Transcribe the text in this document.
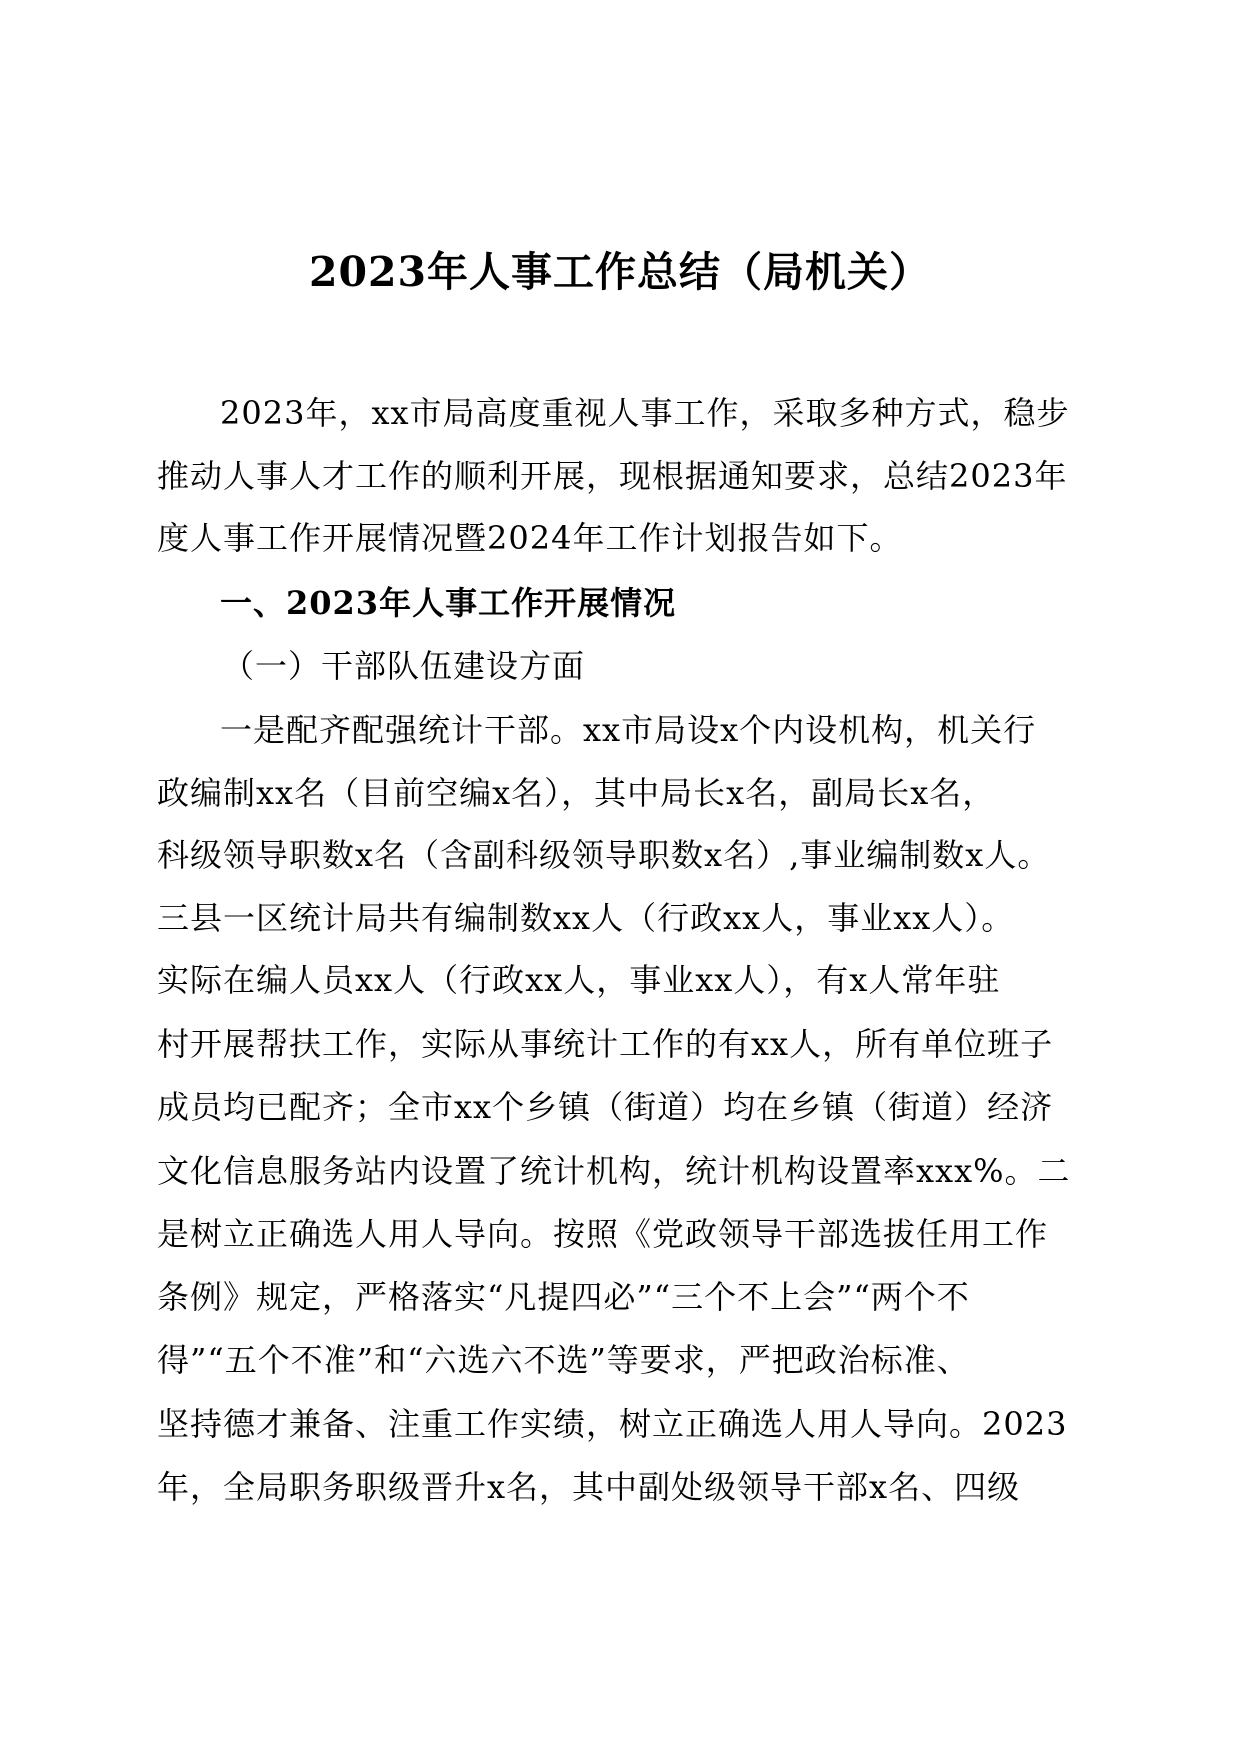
2023年人事工作总结（局机关）
2023年，xx市局高度重视人事工作，采取多种方式，稳步
推动人事人才工作的顺利开展，现根据通知要求，总结2023年
度人事工作开展情况暨2024年工作计划报告如下。
一、2023年人事工作开展情况
（一）干部队伍建设方面
一是配齐配强统计干部。xx市局设x个内设机构，机关行
政编制xx名（目前空编x名），其中局长x名，副局长x名，
科级领导职数x名（含副科级领导职数x名）,事业编制数x人。
三县一区统计局共有编制数xx人（行政xx人，事业xx人）。
实际在编人员xx人（行政xx人，事业xx人），有x人常年驻
村开展帮扶工作，实际从事统计工作的有xx人，所有单位班子
成员均已配齐；全市xx个乡镇（街道）均在乡镇（街道）经济
文化信息服务站内设置了统计机构，统计机构设置率xxx%。二
是树立正确选人用人导向。按照《党政领导干部选拔任用工作
条例》规定，严格落实“凡提四必”“三个不上会”“两个不
得”“五个不准”和“六选六不选”等要求，严把政治标准、
坚持德才兼备、注重工作实绩，树立正确选人用人导向。2023
年，全局职务职级晋升x名，其中副处级领导干部x名、四级
